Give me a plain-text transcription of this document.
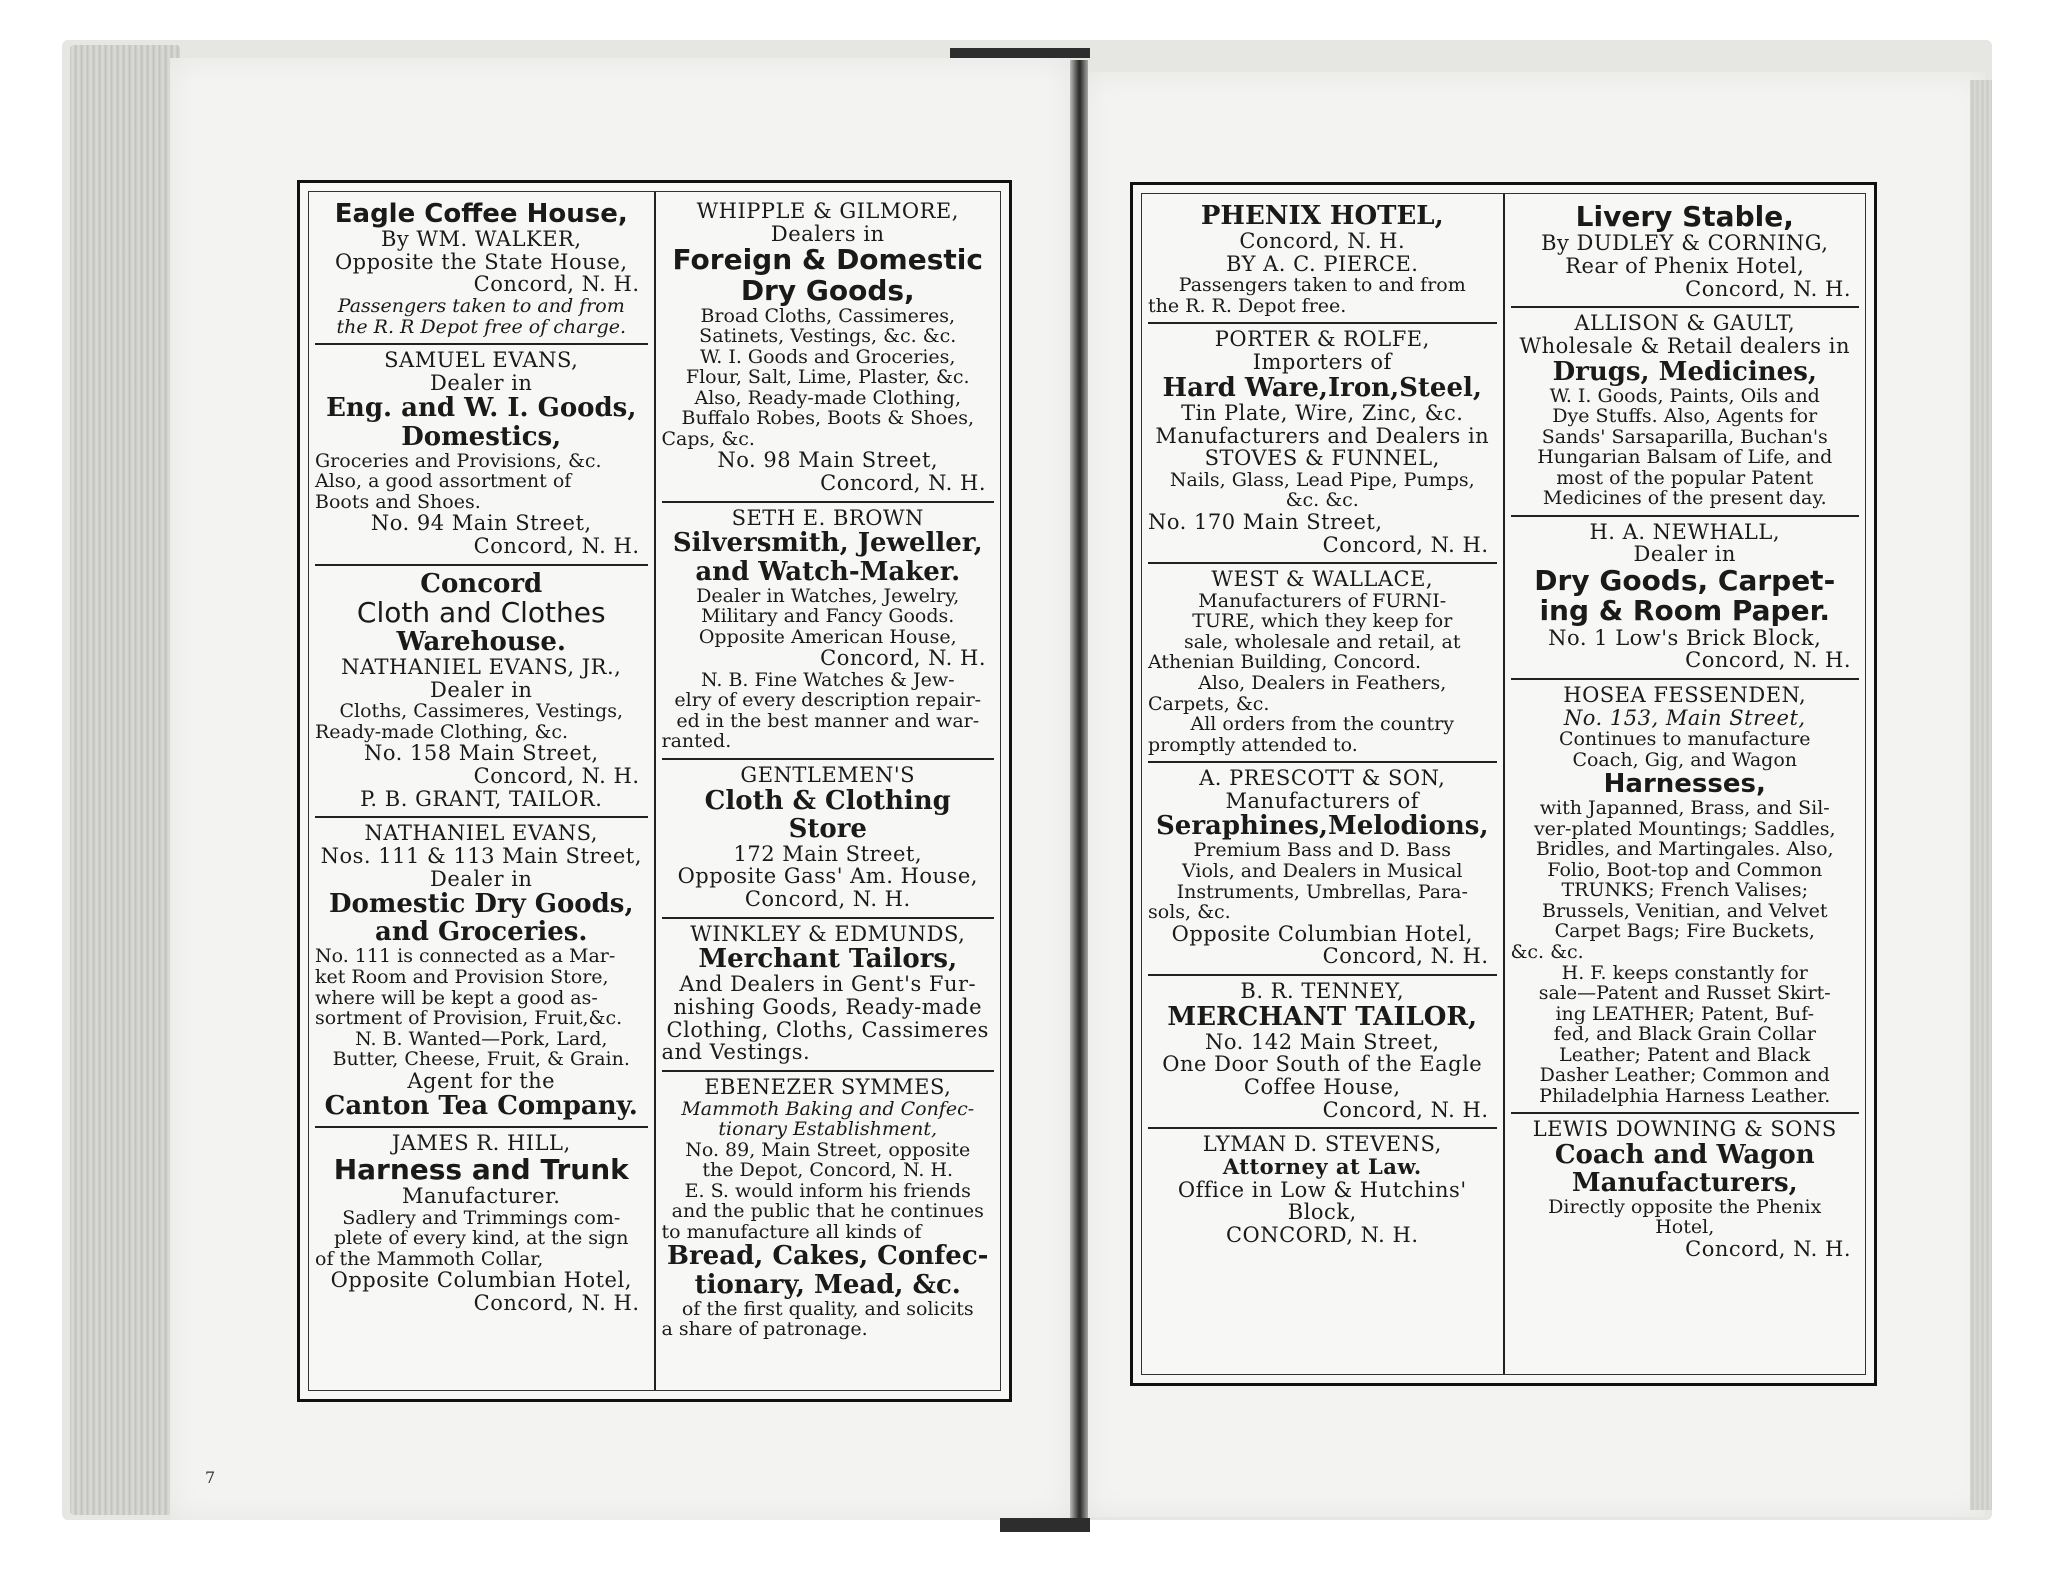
7

Eagle Coffee House,

By WM. WALKER,

Opposite the State House,

Concord, N. H.

Passengers taken to and from

the R. R Depot free of charge.

SAMUEL EVANS,

Dealer in

Eng. and W. I. Goods,

Domestics,

Groceries and Provisions, &c.

Also, a good assortment of

Boots and Shoes.

No. 94 Main Street,

Concord, N. H.

Concord

Cloth and Clothes

Warehouse.

NATHANIEL EVANS, JR.,

Dealer in

Cloths, Cassimeres, Vestings,

Ready-made Clothing, &c.

No. 158 Main Street,

Concord, N. H.

P. B. GRANT, TAILOR.

NATHANIEL EVANS,

Nos. 111 & 113 Main Street,

Dealer in

Domestic Dry Goods,

and Groceries.

No. 111 is connected as a Mar-

ket Room and Provision Store,

where will be kept a good as-

sortment of Provision, Fruit,&c.

N. B. Wanted—Pork, Lard,

Butter, Cheese, Fruit, & Grain.

Agent for the

Canton Tea Company.

JAMES R. HILL,

Harness and Trunk

Manufacturer.

Sadlery and Trimmings com-

plete of every kind, at the sign

of the Mammoth Collar,

Opposite Columbian Hotel,

Concord, N. H.

WHIPPLE & GILMORE,

Dealers in

Foreign & Domestic

Dry Goods,

Broad Cloths, Cassimeres,

Satinets, Vestings, &c. &c.

W. I. Goods and Groceries,

Flour, Salt, Lime, Plaster, &c.

Also, Ready-made Clothing,

Buffalo Robes, Boots & Shoes,

Caps, &c.

No. 98 Main Street,

Concord, N. H.

SETH E. BROWN

Silversmith, Jeweller,

and Watch-Maker.

Dealer in Watches, Jewelry,

Military and Fancy Goods.

Opposite American House,

Concord, N. H.

N. B. Fine Watches & Jew-

elry of every description repair-

ed in the best manner and war-

ranted.

GENTLEMEN'S

Cloth & Clothing Store

172 Main Street,

Opposite Gass' Am. House,

Concord, N. H.

WINKLEY & EDMUNDS,

Merchant Tailors,

And Dealers in Gent's Fur-

nishing Goods, Ready-made

Clothing, Cloths, Cassimeres

and Vestings.

EBENEZER SYMMES,

Mammoth Baking and Confec-

tionary Establishment,

No. 89, Main Street, opposite

the Depot, Concord, N. H.

E. S. would inform his friends

and the public that he continues

to manufacture all kinds of

Bread, Cakes, Confec-

tionary, Mead, &c.

of the first quality, and solicits

a share of patronage.

PHENIX HOTEL,

Concord, N. H.

BY A. C. PIERCE.

Passengers taken to and from

the R. R. Depot free.

PORTER & ROLFE,

Importers of

Hard Ware,Iron,Steel,

Tin Plate, Wire, Zinc, &c.

Manufacturers and Dealers in

STOVES & FUNNEL,

Nails, Glass, Lead Pipe, Pumps,

&c. &c.

No. 170 Main Street,

Concord, N. H.

WEST & WALLACE,

Manufacturers of FURNI-

TURE, which they keep for

sale, wholesale and retail, at

Athenian Building, Concord.

Also, Dealers in Feathers,

Carpets, &c.

All orders from the country

promptly attended to.

A. PRESCOTT & SON,

Manufacturers of

Seraphines,Melodions,

Premium Bass and D. Bass

Viols, and Dealers in Musical

Instruments, Umbrellas, Para-

sols, &c.

Opposite Columbian Hotel,

Concord, N. H.

B. R. TENNEY,

MERCHANT TAILOR,

No. 142 Main Street,

One Door South of the Eagle

Coffee House,

Concord, N. H.

LYMAN D. STEVENS,

Attorney at Law.

Office in Low & Hutchins'

Block,

CONCORD, N. H.

Livery Stable,

By DUDLEY & CORNING,

Rear of Phenix Hotel,

Concord, N. H.

ALLISON & GAULT,

Wholesale & Retail dealers in

Drugs, Medicines,

W. I. Goods, Paints, Oils and

Dye Stuffs. Also, Agents for

Sands' Sarsaparilla, Buchan's

Hungarian Balsam of Life, and

most of the popular Patent

Medicines of the present day.

H. A. NEWHALL,

Dealer in

Dry Goods, Carpet-

ing & Room Paper.

No. 1 Low's Brick Block,

Concord, N. H.

HOSEA FESSENDEN,

No. 153, Main Street,

Continues to manufacture

Coach, Gig, and Wagon

Harnesses,

with Japanned, Brass, and Sil-

ver-plated Mountings; Saddles,

Bridles, and Martingales. Also,

Folio, Boot-top and Common

TRUNKS; French Valises;

Brussels, Venitian, and Velvet

Carpet Bags; Fire Buckets,

&c. &c.

H. F. keeps constantly for

sale—Patent and Russet Skirt-

ing LEATHER; Patent, Buf-

fed, and Black Grain Collar

Leather; Patent and Black

Dasher Leather; Common and

Philadelphia Harness Leather.

LEWIS DOWNING & SONS

Coach and Wagon

Manufacturers,

Directly opposite the Phenix

Hotel,

Concord, N. H.
